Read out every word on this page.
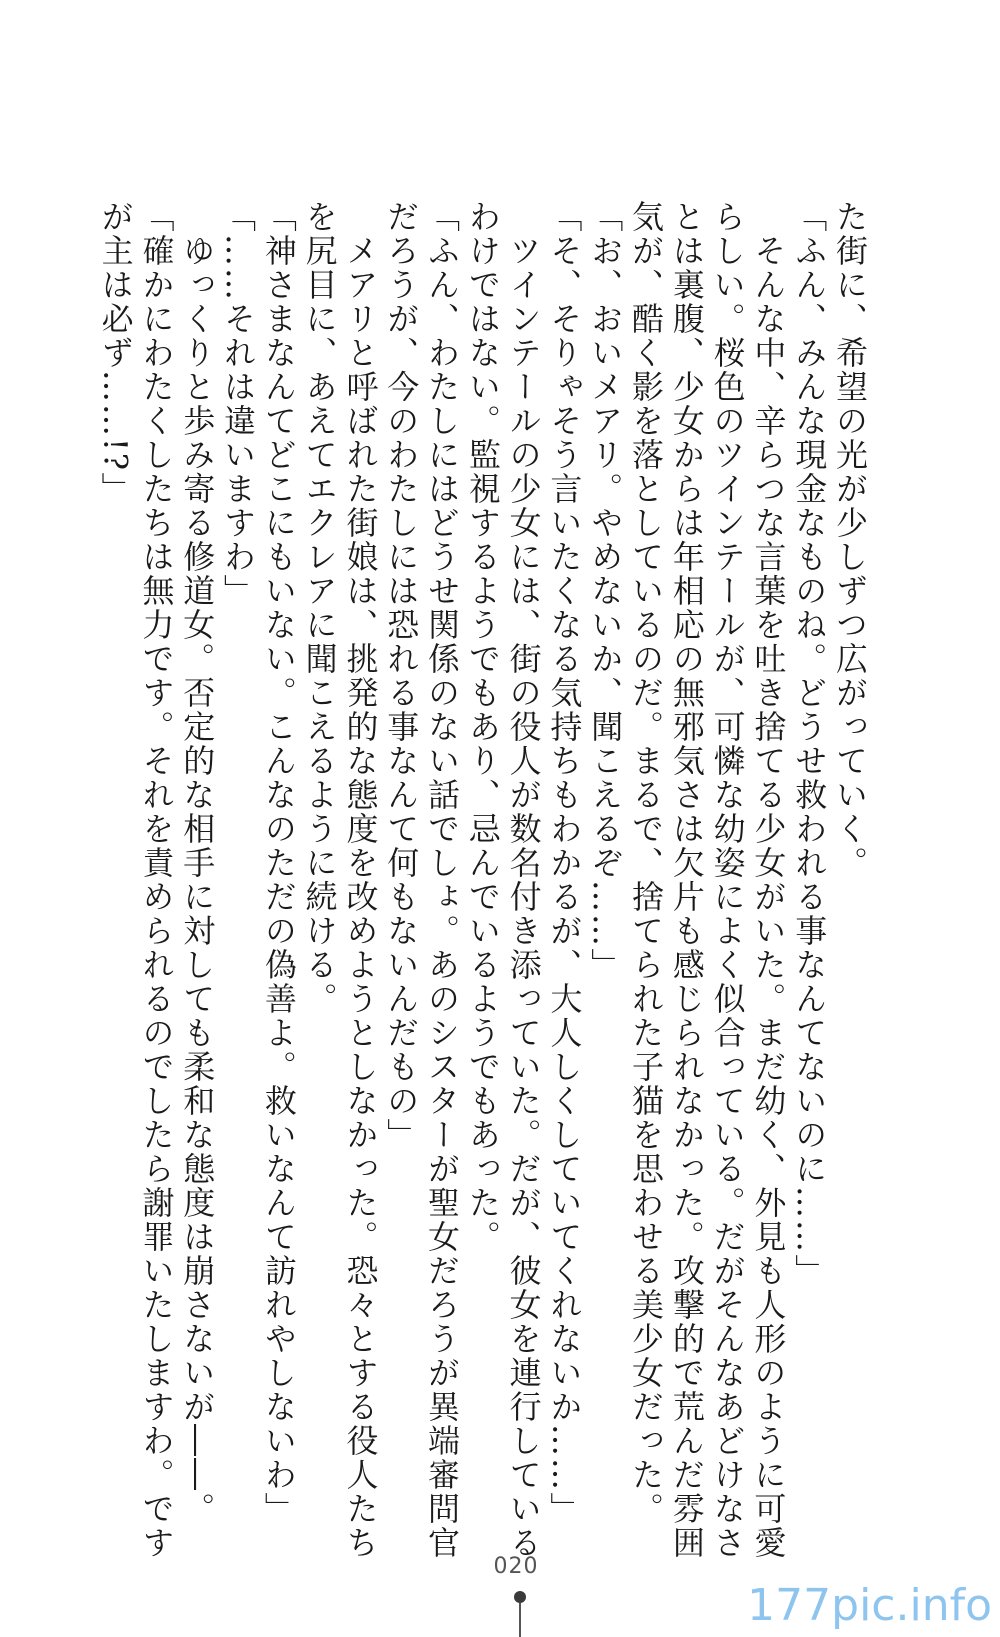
た街に、希望の光が少しずつ広がっていく。

「ふん、みんな現金なものね。どうせ救われる事なんてないのに……」

　そんな中、辛らつな言葉を吐き捨てる少女がいた。まだ幼く、外見も人形のように可愛

らしい。桜色のツインテールが、可憐な幼姿によく似合っている。だがそんなあどけなさ

とは裏腹、少女からは年相応の無邪気さは欠片も感じられなかった。攻撃的で荒んだ雰囲

気が、酷く影を落としているのだ。まるで、捨てられた子猫を思わせる美少女だった。

「お、おいメアリ。やめないか、聞こえるぞ……」

「そ、そりゃそう言いたくなる気持ちもわかるが、大人しくしていてくれないか……」

　ツインテールの少女には、街の役人が数名付き添っていた。だが、彼女を連行している

わけではない。監視するようでもあり、忌んでいるようでもあった。

「ふん、わたしにはどうせ関係のない話でしょ。あのシスターが聖女だろうが異端審問官

だろうが、今のわたしには恐れる事なんて何もないんだもの」

　メアリと呼ばれた街娘は、挑発的な態度を改めようとしなかった。恐々とする役人たち

を尻目に、あえてエクレアに聞こえるように続ける。

「神さまなんてどこにもいない。こんなのただの偽善よ。救いなんて訪れやしないわ」

「……それは違いますわ」

　ゆっくりと歩み寄る修道女。否定的な相手に対しても柔和な態度は崩さないが――。

「確かにわたくしたちは無力です。それを責められるのでしたら謝罪いたしますわ。です

が主は必ず……!?」

020
177pic.info
